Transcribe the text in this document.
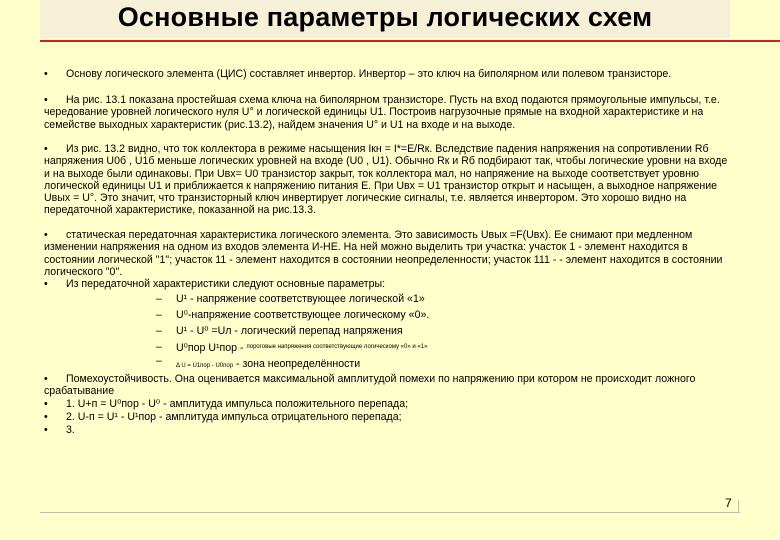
Основные параметры логических схем
• Основу логического элемента (ЦИС) составляет инвертор. Инвертор – это ключ на биполярном или полевом транзисторе.
• На рис. 13.1 показана простейшая схема ключа на биполярном транзисторе. Пусть на вход подаются прямоугольные импульсы, т.е. чередование уровней логического нуля U° и логической единицы U1. Построив нагрузочные прямые на входной характеристике и на семействе выходных характеристик (рис.13.2), найдем значения U° и U1 на входе и на выходе.
• Из рис. 13.2 видно, что ток коллектора в режиме насыщения Iкн = I*=E/Rк. Вследствие падения напряжения на сопротивлении Rб напряжения U0б , U1б меньше логических уровней на входе (U0 , U1). Обычно Rк и Rб подбирают так, чтобы логические уровни на входе и на выходе были одинаковы. При Uвх= U0 транзистор закрыт, ток коллектора мал, но напряжение на выходе соответствует уровню логической единицы U1 и приближается к напряжению питания E. При Uвх = U1 транзистор открыт и насыщен, а выходное напряжение Uвых = U°. Это значит, что транзисторный ключ инвертирует логические сигналы, т.е. является инвертором. Это хорошо видно на передаточной характеристике, показанной на рис.13.3.
• статическая передаточная характеристика логического элемента. Это зависимость Uвых =F(Uвх). Ее снимают при медленном изменении напряжения на одном из входов элемента И-НЕ. На ней можно выделить три участка: участок 1 - элемент находится в состоянии логической "1"; участок 11 - элемент находится в состоянии неопределенности; участок 111 - - элемент находится в состоянии логического "0".
• Из передаточной характеристики следуют основные параметры:
– U¹ - напряжение соответствующее логической «1»
– U⁰-напряжение соответствующее логическому «0».
– U¹ - U⁰ =Uл - логический перепад напряжения
– U⁰пор U¹пор - $^{пороговые напряжения соответствующие логическому «0» и «1»}$
– Δ U = U1пор - U0пор - зона неопределённости
• Помехоустойчивость. Она оценивается максимальной амплитудой помехи по напряжению при котором не происходит ложного срабатывание
• 1. U+п = U⁰пор - U⁰ - амплитуда импульса положительного перепада;
• 2. U-п = U¹ - U¹пор - амплитуда импульса отрицательного перепада;
• 3.
7
